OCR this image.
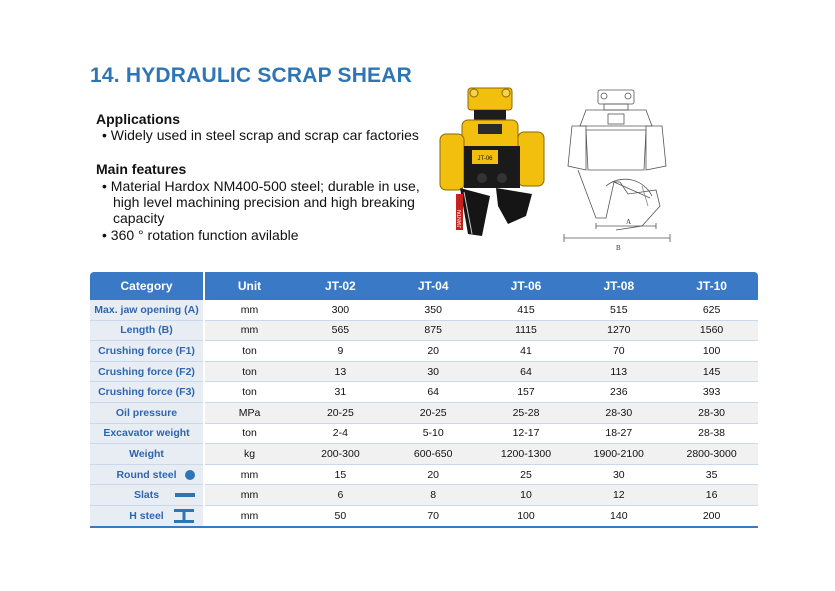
14. HYDRAULIC SCRAP SHEAR
Applications
• Widely used in steel scrap and scrap car factories
Main features
• Material Hardox NM400-500 steel; durable in use, high level machining precision and high breaking capacity
• 360 ° rotation function avilable
JT-06
JIANTAI	A
B
Category	Unit	JT-02	JT-04	JT-06	JT-08	JT-10
Max. jaw opening (A)	mm	300	350	415	515	625
Length (B)	mm	565	875	1115	1270	1560
Crushing force (F1)	ton	9	20	41	70	100
Crushing force (F2)	ton	13	30	64	113	145
Crushing force (F3)	ton	31	64	157	236	393
Oil pressure	MPa	20-25	20-25	25-28	28-30	28-30
Excavator weight	ton	2-4	5-10	12-17	18-27	28-38
Weight	kg	200-300	600-650	1200-1300	1900-2100	2800-3000
Round steel	mm	15	20	25	30	35
Slats	mm	6	8	10	12	16
H steel	mm	50	70	100	140	200
